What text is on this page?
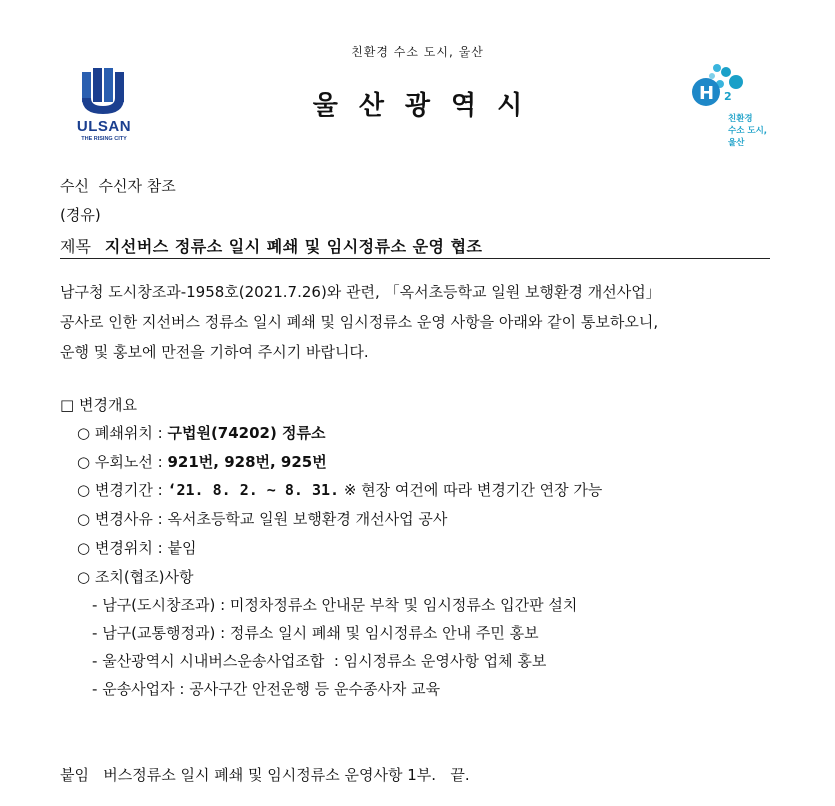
친환경 수소 도시, 울산
ULSAN
THE RISING CITY
울산광역시	H 2
친환경
수소 도시,
울산
수신 수신자 참조
(경유)
제목 지선버스 정류소 일시 폐쇄 및 임시정류소 운영 협조
남구청 도시창조과-1958호(2021.7.26)와 관련, 「옥서초등학교 일원 보행환경 개선사업」
공사로 인한 지선버스 정류소 일시 폐쇄 및 임시정류소 운영 사항을 아래와 같이 통보하오니,
운행 및 홍보에 만전을 기하여 주시기 바랍니다.
□ 변경개요
○ 폐쇄위치 : 구법원(74202) 정류소
○ 우회노선 : 921번, 928번, 925번
○ 변경기간 : ‘21. 8. 2. ~ 8. 31. ※ 현장 여건에 따라 변경기간 연장 가능
○ 변경사유 : 옥서초등학교 일원 보행환경 개선사업 공사
○ 변경위치 : 붙임
○ 조치(협조)사항
- 남구(도시창조과) : 미정차정류소 안내문 부착 및 임시정류소 입간판 설치
- 남구(교통행정과) : 정류소 일시 폐쇄 및 임시정류소 안내 주민 홍보
- 울산광역시 시내버스운송사업조합  : 임시정류소 운영사항 업체 홍보
- 운송사업자 : 공사구간 안전운행 등 운수종사자 교육
붙임 버스정류소 일시 폐쇄 및 임시정류소 운영사항 1부. 끝.
